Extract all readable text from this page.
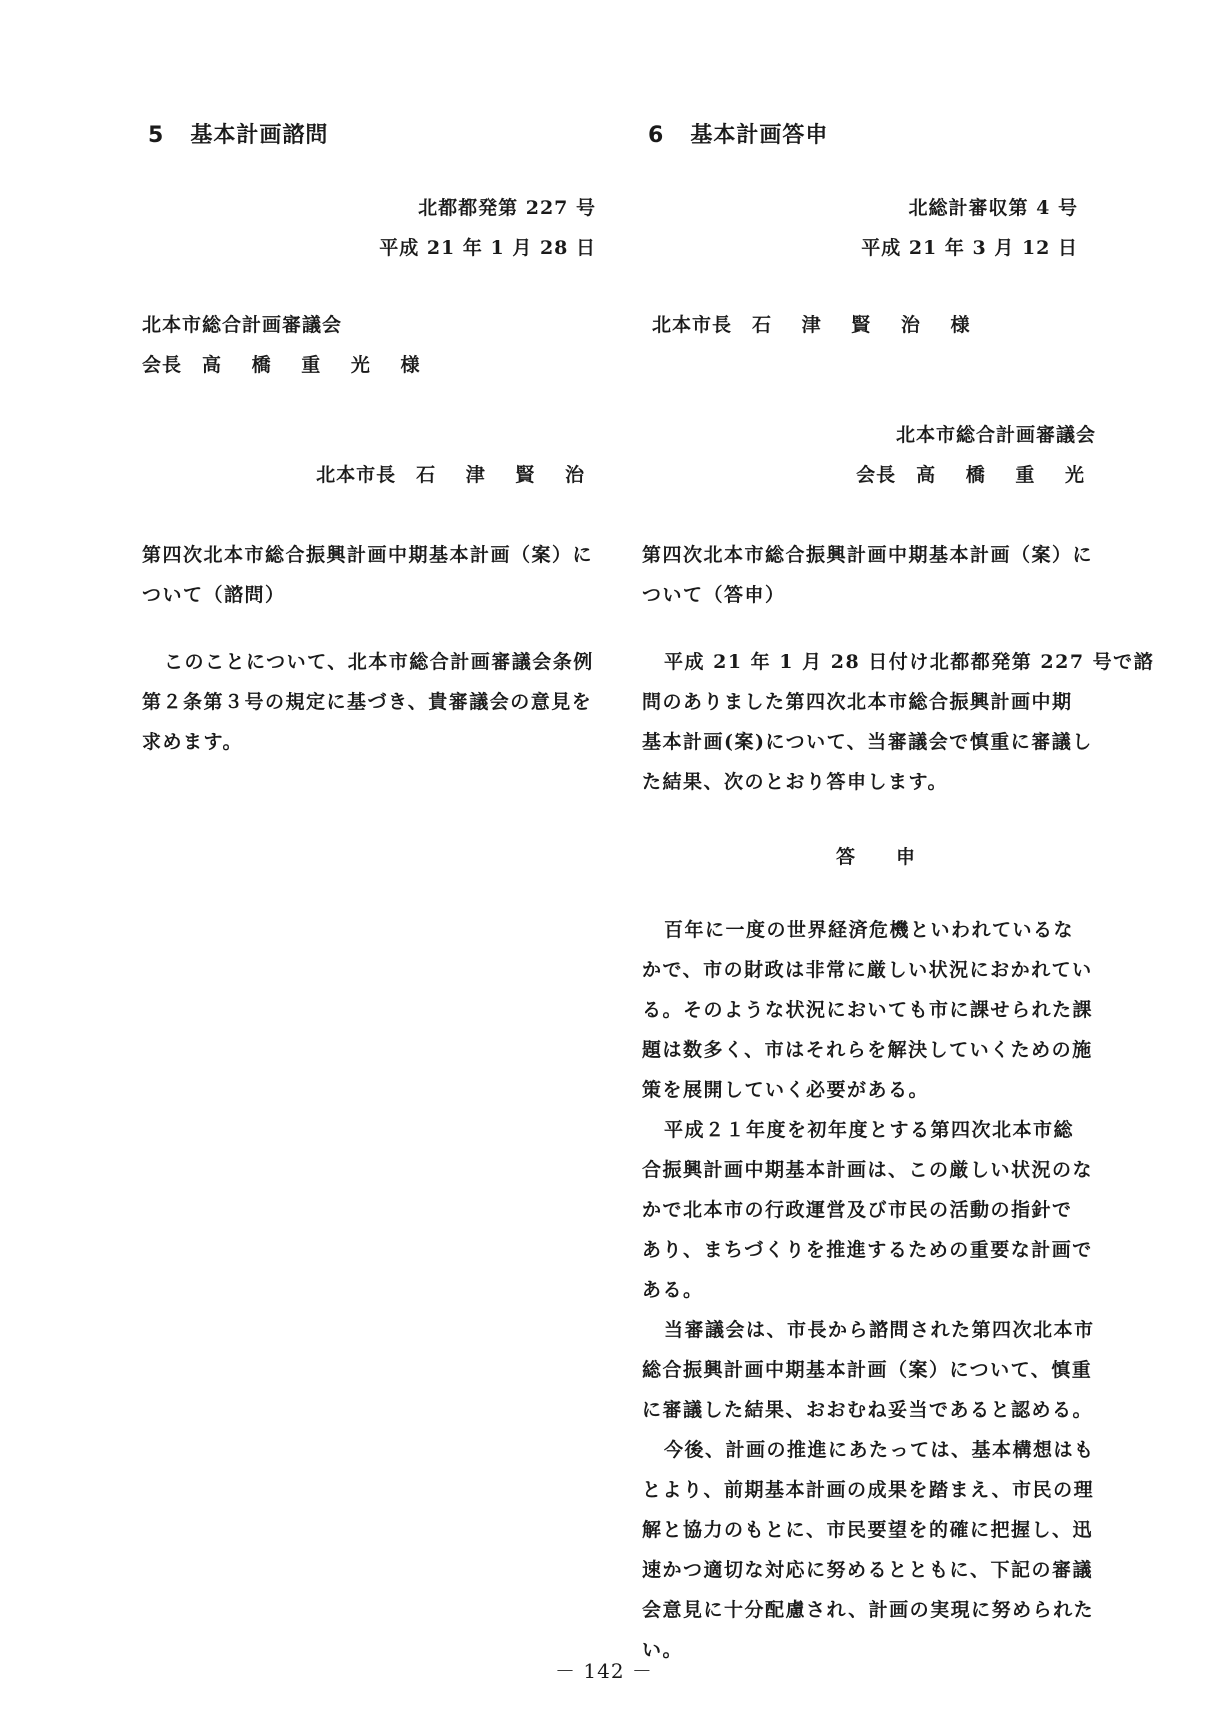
5 基本計画諮問
北都都発第 227 号
平成 21 年 1 月 28 日
北本市総合計画審議会
会長 高 橋 重 光 様
北本市長 石 津 賢 治
第四次北本市総合振興計画中期基本計画（案）に
ついて（諮問）
このことについて、北本市総合計画審議会条例
第２条第３号の規定に基づき、貴審議会の意見を
求めます。
6 基本計画答申
北総計審収第 4 号
平成 21 年 3 月 12 日
北本市長 石 津 賢 治 様
北本市総合計画審議会
会長 高 橋 重 光
第四次北本市総合振興計画中期基本計画（案）に
ついて（答申）
平成 21 年 1 月 28 日付け北都都発第 227 号で諮
問のありました第四次北本市総合振興計画中期
基本計画(案)について、当審議会で慎重に審議し
た結果、次のとおり答申します。
答　　申
百年に一度の世界経済危機といわれているな
かで、市の財政は非常に厳しい状況におかれてい
る。そのような状況においても市に課せられた課
題は数多く、市はそれらを解決していくための施
策を展開していく必要がある。
平成２１年度を初年度とする第四次北本市総
合振興計画中期基本計画は、この厳しい状況のな
かで北本市の行政運営及び市民の活動の指針で
あり、まちづくりを推進するための重要な計画で
ある。
当審議会は、市長から諮問された第四次北本市
総合振興計画中期基本計画（案）について、慎重
に審議した結果、おおむね妥当であると認める。
今後、計画の推進にあたっては、基本構想はも
とより、前期基本計画の成果を踏まえ、市民の理
解と協力のもとに、市民要望を的確に把握し、迅
速かつ適切な対応に努めるとともに、下記の審議
会意見に十分配慮され、計画の実現に努められた
い。
－ 142 －
